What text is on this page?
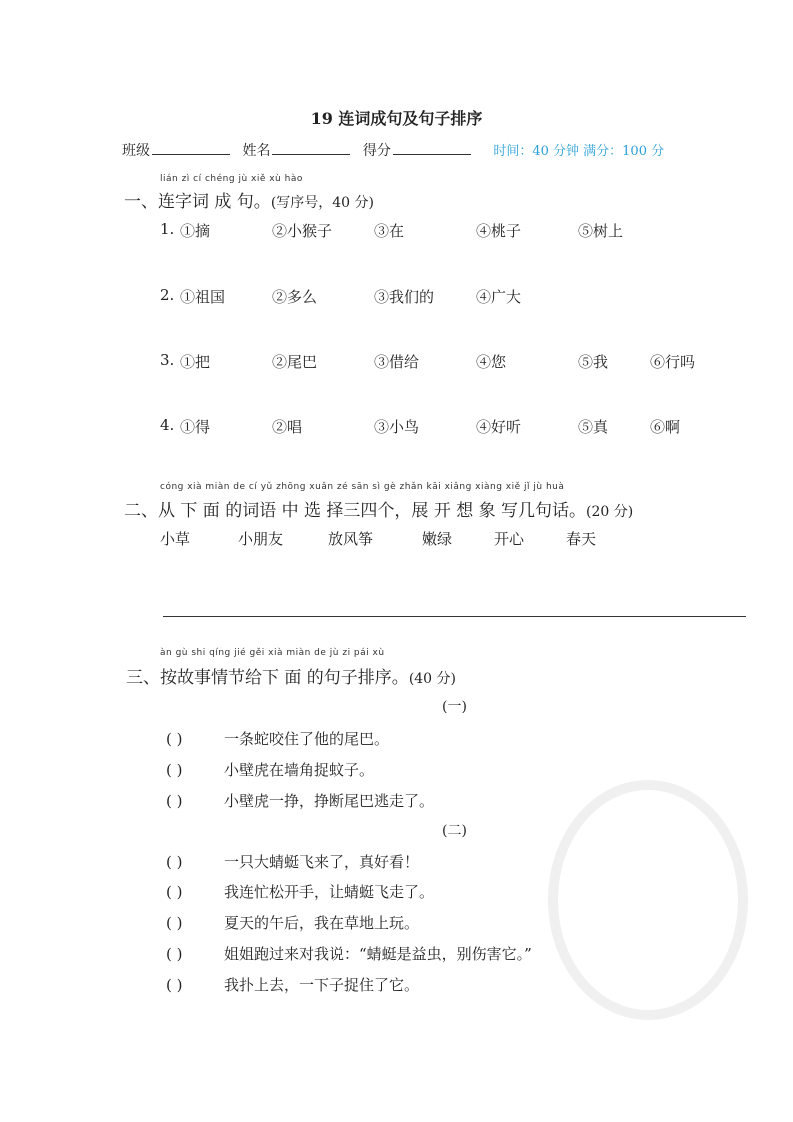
19 连词成句及句子排序
班级	姓名	得分	时间：40 分钟 满分：100 分
lián zì cí chéng jù xiě xù hào
一、连字词 成 句。(写序号，40 分)
1. ①摘	②小猴子	③在	④桃子	⑤树上
2. ①祖国	②多么	③我们的	④广大
3. ①把	②尾巴	③借给	④您	⑤我	⑥行吗
4. ①得	②唱	③小鸟	④好听	⑤真	⑥啊
cóng xià miàn de cí yǔ zhōng xuǎn zé sān sì gè zhǎn kāi xiǎng xiàng xiě jǐ jù huà
二、从 下 面 的词语 中 选 择三四个，展 开 想 象 写几句话。(20 分)
小草	小朋友	放风筝	嫩绿	开心	春天
àn gù shi qíng jié gěi xià miàn de jù zi pái xù
三、按故事情节给下 面 的句子排序。(40 分)
(一)
( )	一条蛇咬住了他的尾巴。
( )	小壁虎在墙角捉蚊子。
( )	小壁虎一挣，挣断尾巴逃走了。
(二)
( )	一只大蜻蜓飞来了，真好看！
( )	我连忙松开手，让蜻蜓飞走了。
( )	夏天的午后，我在草地上玩。
( )	姐姐跑过来对我说：“蜻蜓是益虫，别伤害它。”
( )	我扑上去，一下子捉住了它。
